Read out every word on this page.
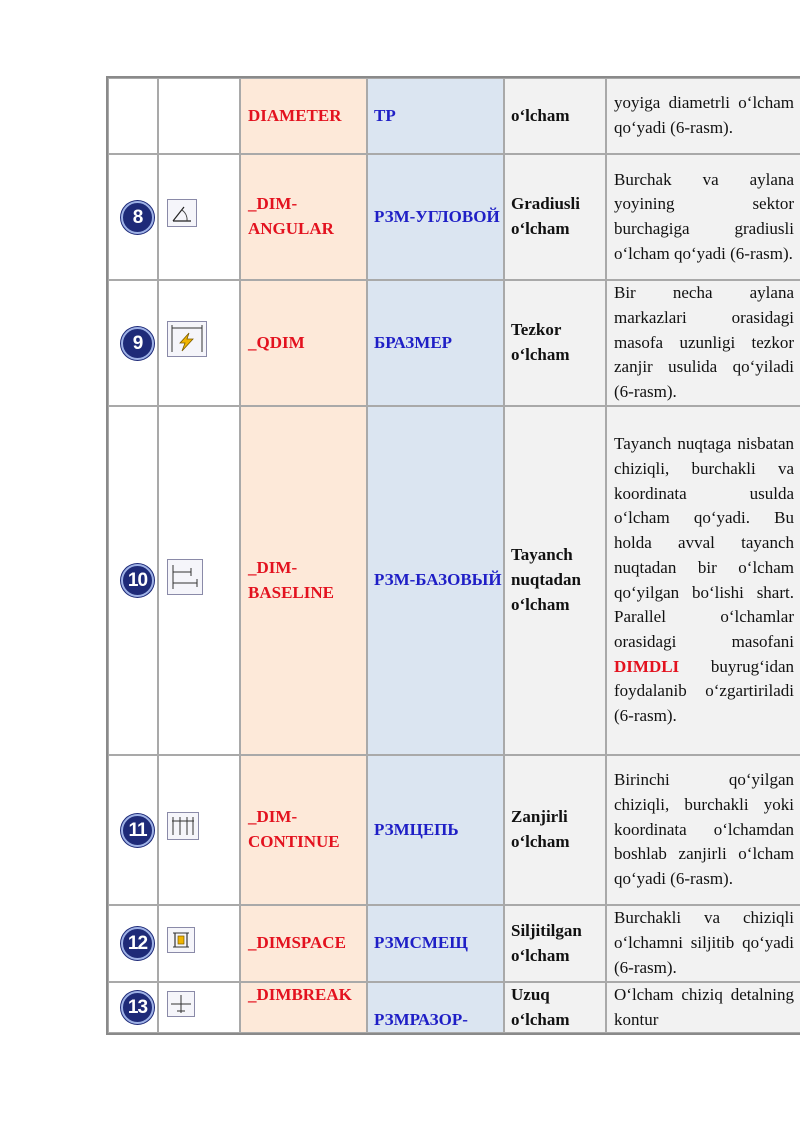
		DIAMETER	ТР	o‘lcham	yoyiga diametrli o‘lcham qo‘yadi (6-rasm).
8		_DIM-ANGULAR	РЗМ-УГЛОВОЙ	Gradiusli o‘lcham	Burchak va aylana yoyining sektor burchagiga gradiusli o‘lcham qo‘yadi (6-rasm).
9		_QDIM	БРАЗМЕР	Tezkor o‘lcham	Bir necha aylana markazlari orasidagi masofa uzunligi tezkor zanjir usulida qo‘yiladi (6-rasm).
10		_DIM-BASELINE	РЗМ-БАЗОВЫЙ	Tayanch nuqtadan o‘lcham	Tayanch nuqtaga nisbatan chiziqli, burchakli va koordinata usulda o‘lcham qo‘yadi. Bu holda avval tayanch nuqtadan bir o‘lcham qo‘yilgan bo‘lishi shart. Parallel o‘lchamlar orasidagi masofani DIMDLI buyrug‘idan foydalanib o‘zgartiriladi (6-rasm).
11		_DIM-CONTINUE	РЗМЦЕПЬ	Zanjirli o‘lcham	Birinchi qo‘yilgan chiziqli, burchakli yoki koordinata o‘lchamdan boshlab zanjirli o‘lcham qo‘yadi (6-rasm).
12		_DIMSPACE	РЗМСМЕЩ	Siljitilgan o‘lcham	Burchakli va chiziqli o‘lchamni siljitib qo‘yadi (6-rasm).
13		_DIMBREAK	РЗМРАЗОР-	Uzuq o‘lcham	O‘lcham chiziq detalning kontur
